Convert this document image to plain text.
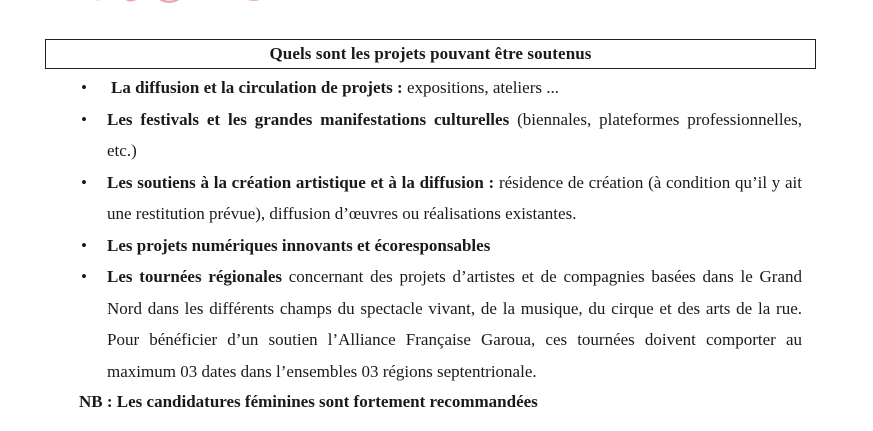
Quels sont les projets pouvant être soutenus
•	La diffusion et la circulation de projets : expositions, ateliers ...
•	Les festivals et les grandes manifestations culturelles (biennales, plateformes professionnelles, etc.)
•	Les soutiens à la création artistique et à la diffusion : résidence de création (à condition qu’il y ait une restitution prévue), diffusion d’œuvres ou réalisations existantes.
•	Les projets numériques innovants et écoresponsables
•	Les tournées régionales concernant des projets d’artistes et de compagnies basées dans le Grand Nord dans les différents champs du spectacle vivant, de la musique, du cirque et des arts de la rue. Pour bénéficier d’un soutien l’Alliance Française Garoua, ces tournées doivent comporter au maximum 03 dates dans l’ensembles 03 régions septentrionale.
NB : Les candidatures féminines sont fortement recommandées
